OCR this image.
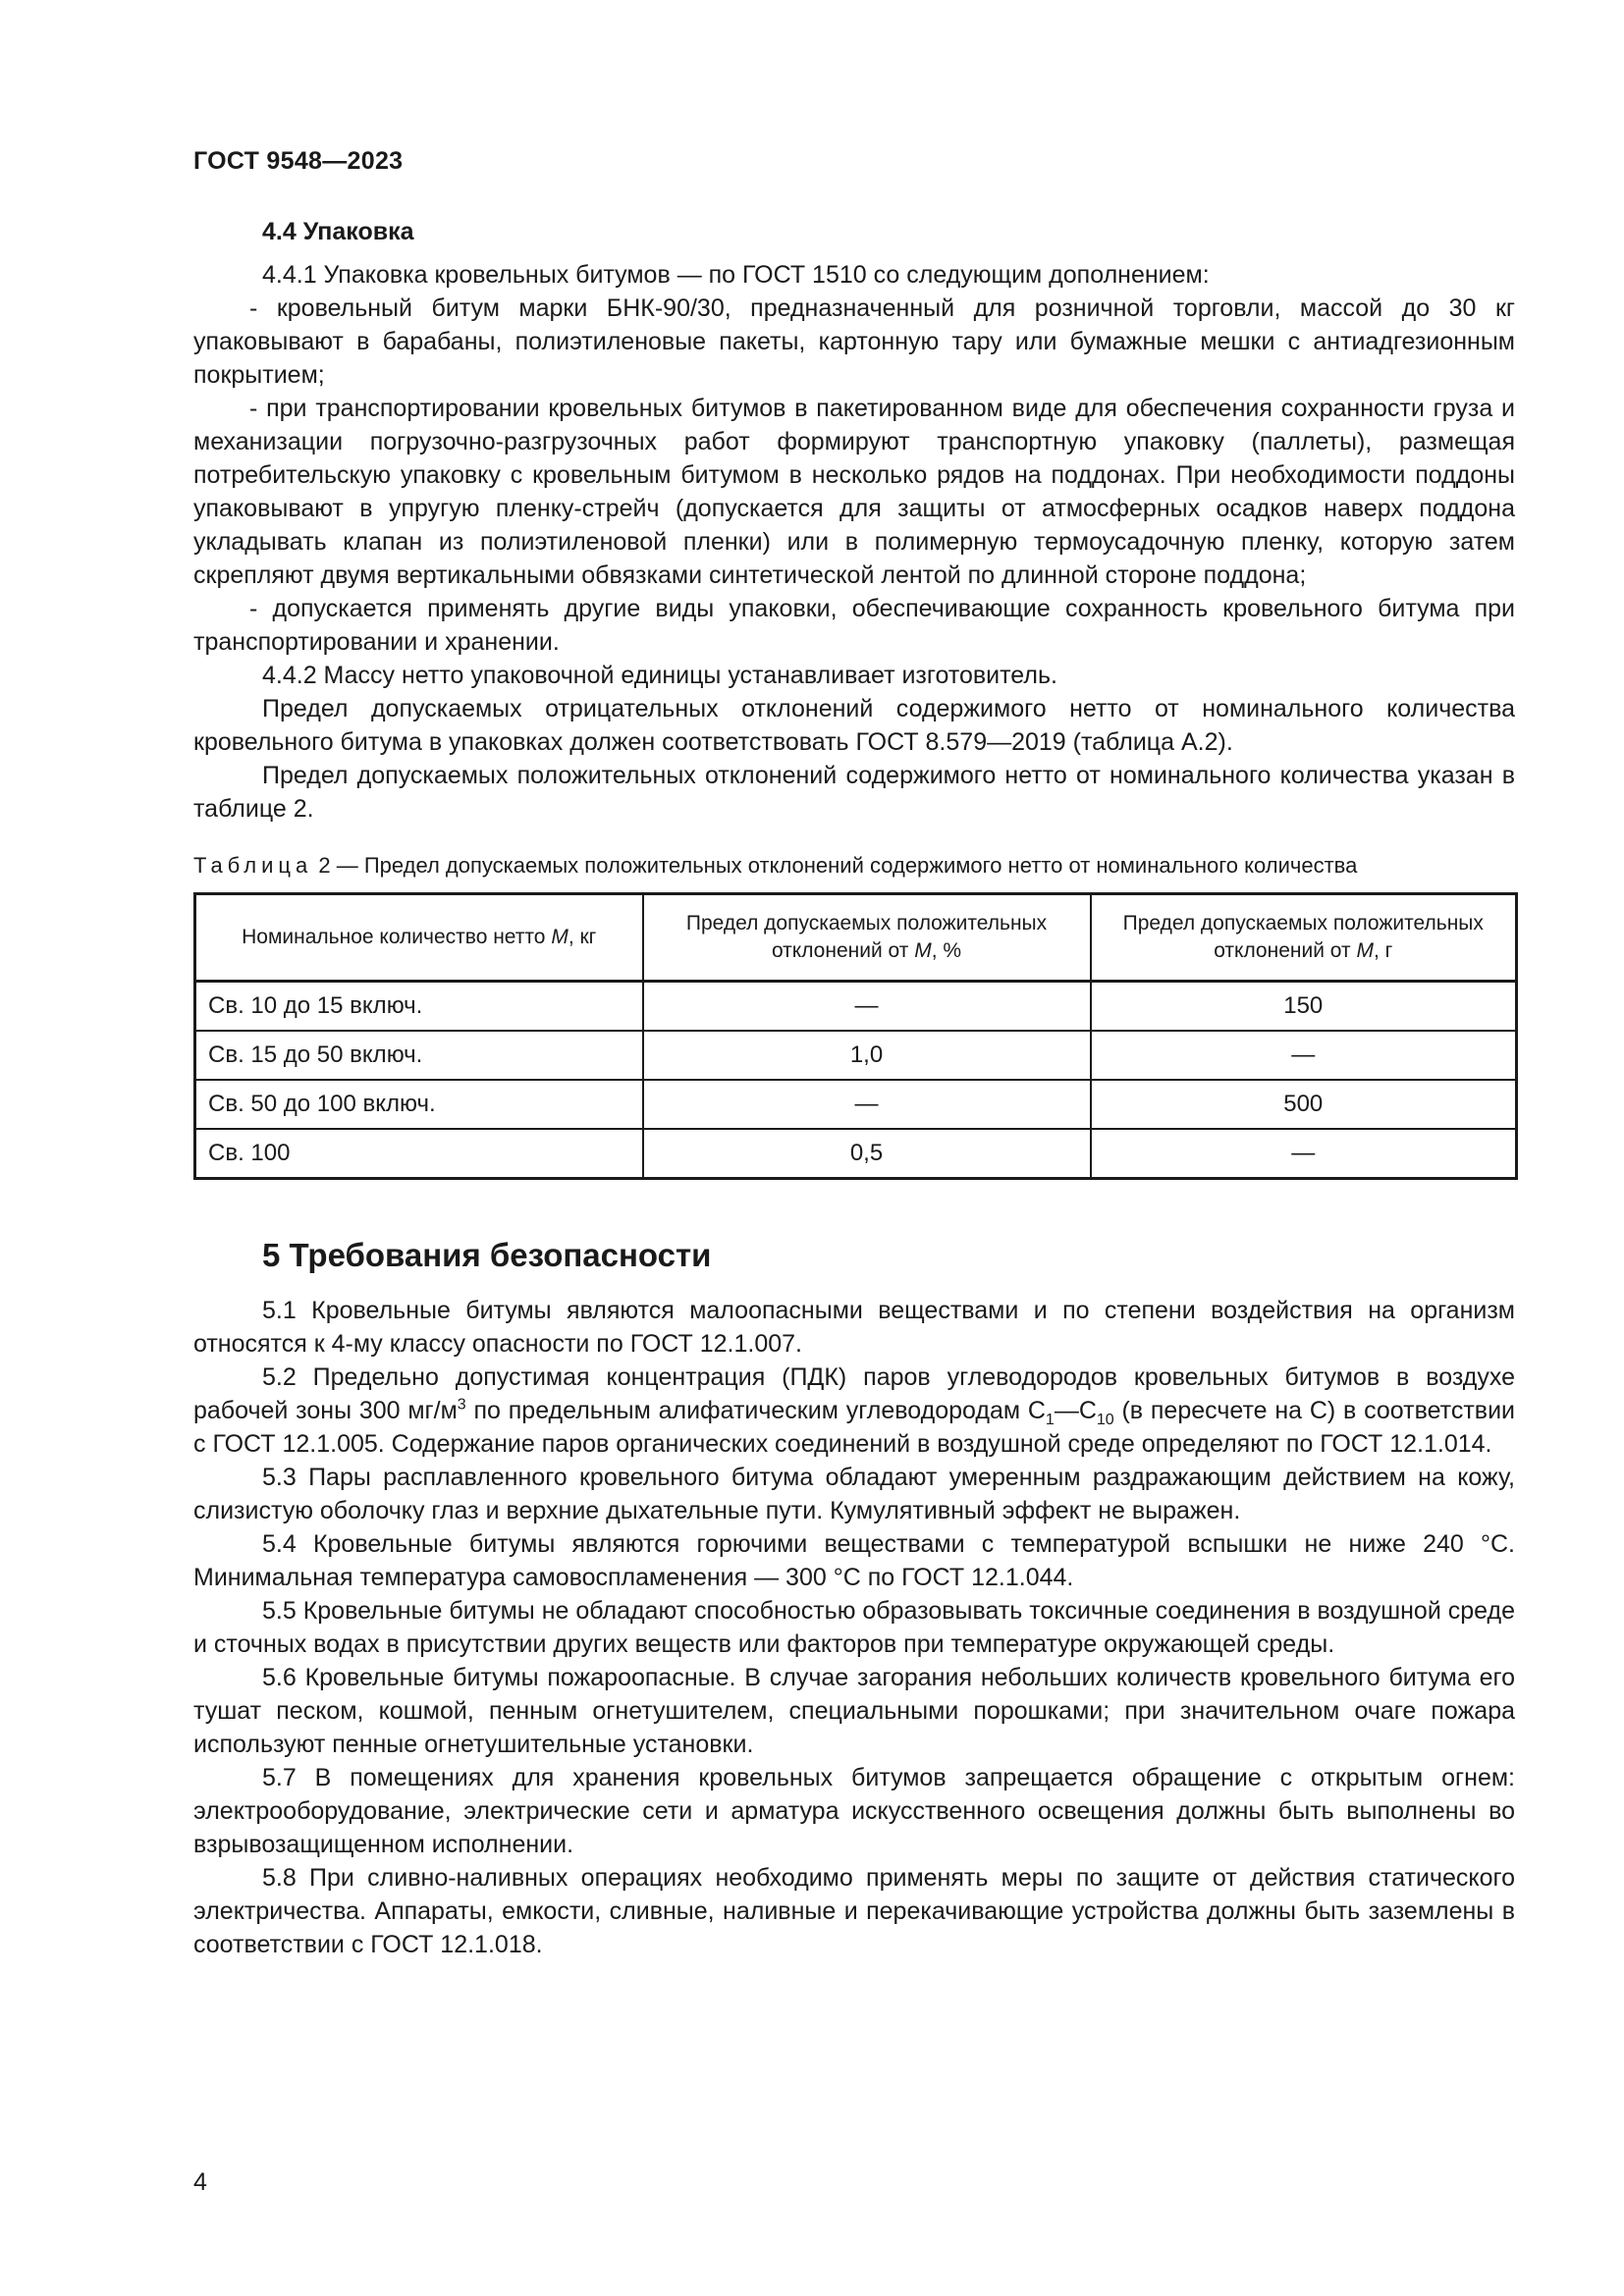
ГОСТ 9548—2023
4.4 Упаковка

4.4.1 Упаковка кровельных битумов — по ГОСТ 1510 со следующим дополнением:

- кровельный битум марки БНК-90/30, предназначенный для розничной торговли, массой до 30 кг упаковывают в барабаны, полиэтиленовые пакеты, картонную тару или бумажные мешки с антиадгезионным покрытием;

- при транспортировании кровельных битумов в пакетированном виде для обеспечения сохранности груза и механизации погрузочно-разгрузочных работ формируют транспортную упаковку (паллеты), размещая потребительскую упаковку с кровельным битумом в несколько рядов на поддонах. При необходимости поддоны упаковывают в упругую пленку-стрейч (допускается для защиты от атмосферных осадков наверх поддона укладывать клапан из полиэтиленовой пленки) или в полимерную термоусадочную пленку, которую затем скрепляют двумя вертикальными обвязками синтетической лентой по длинной стороне поддона;

- допускается применять другие виды упаковки, обеспечивающие сохранность кровельного битума при транспортировании и хранении.

4.4.2 Массу нетто упаковочной единицы устанавливает изготовитель.

Предел допускаемых отрицательных отклонений содержимого нетто от номинального количества кровельного битума в упаковках должен соответствовать ГОСТ 8.579—2019 (таблица А.2).

Предел допускаемых положительных отклонений содержимого нетто от номинального количества указан в таблице 2.

Таблица 2 — Предел допускаемых положительных отклонений содержимого нетто от номинального количества
Номинальное количество нетто M, кг	Предел допускаемых положительных отклонений от M, %	Предел допускаемых положительных отклонений от M, г
Св. 10 до 15 включ.	—	150
Св. 15 до 50 включ.	1,0	—
Св. 50 до 100 включ.	—	500
Св. 100	0,5	—
5 Требования безопасности

5.1 Кровельные битумы являются малоопасными веществами и по степени воздействия на организм относятся к 4-му классу опасности по ГОСТ 12.1.007.

5.2 Предельно допустимая концентрация (ПДК) паров углеводородов кровельных битумов в воздухе рабочей зоны 300 $мг/м^3$ по предельным алифатическим углеводородам $С_1—С_{10}$ (в пересчете на С) в соответствии с ГОСТ 12.1.005. Содержание паров органических соединений в воздушной среде определяют по ГОСТ 12.1.014.

5.3 Пары расплавленного кровельного битума обладают умеренным раздражающим действием на кожу, слизистую оболочку глаз и верхние дыхательные пути. Кумулятивный эффект не выражен.

5.4 Кровельные битумы являются горючими веществами с температурой вспышки не ниже 240 °С. Минимальная температура самовоспламенения — 300 °С по ГОСТ 12.1.044.

5.5 Кровельные битумы не обладают способностью образовывать токсичные соединения в воздушной среде и сточных водах в присутствии других веществ или факторов при температуре окружающей среды.

5.6 Кровельные битумы пожароопасные. В случае загорания небольших количеств кровельного битума его тушат песком, кошмой, пенным огнетушителем, специальными порошками; при значительном очаге пожара используют пенные огнетушительные установки.

5.7 В помещениях для хранения кровельных битумов запрещается обращение с открытым огнем: электрооборудование, электрические сети и арматура искусственного освещения должны быть выполнены во взрывозащищенном исполнении.

5.8 При сливно-наливных операциях необходимо применять меры по защите от действия статического электричества. Аппараты, емкости, сливные, наливные и перекачивающие устройства должны быть заземлены в соответствии с ГОСТ 12.1.018.

4
